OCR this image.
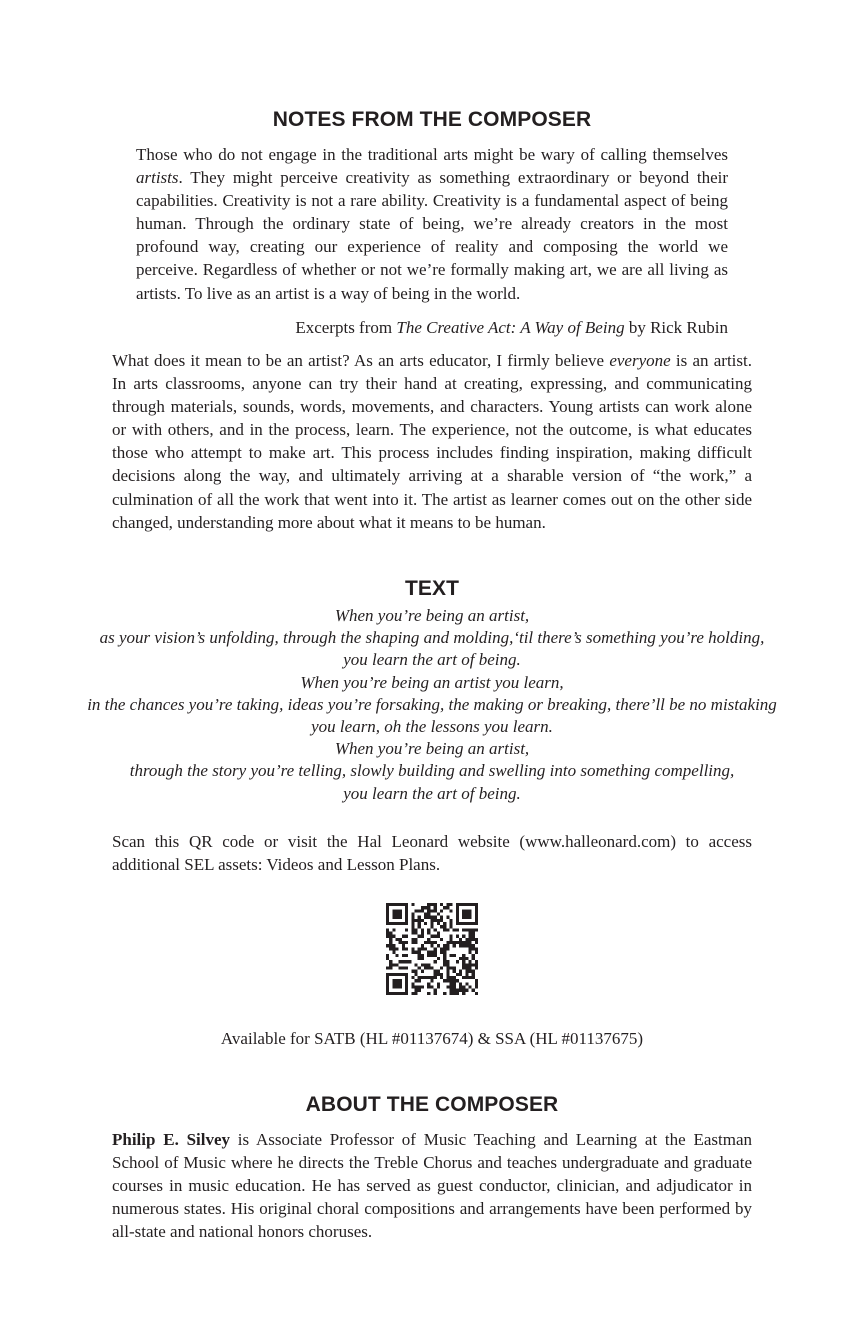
NOTES FROM THE COMPOSER

Those who do not engage in the traditional arts might be wary of calling themselves artists. They might perceive creativity as something extraordinary or beyond their capabilities. Creativity is not a rare ability. Creativity is a fundamental aspect of being human. Through the ordinary state of being, we’re already creators in the most profound way, creating our experience of reality and composing the world we perceive. Regardless of whether or not we’re formally making art, we are all living as artists. To live as an artist is a way of being in the world.

Excerpts from The Creative Act: A Way of Being by Rick Rubin

What does it mean to be an artist? As an arts educator, I firmly believe everyone is an artist. In arts classrooms, anyone can try their hand at creating, expressing, and communicating through materials, sounds, words, movements, and characters. Young artists can work alone or with others, and in the process, learn. The experience, not the outcome, is what educates those who attempt to make art. This process includes finding inspiration, making difficult decisions along the way, and ultimately arriving at a sharable version of “the work,” a culmination of all the work that went into it. The artist as learner comes out on the other side changed, understanding more about what it means to be human.

TEXT

When you’re being an artist,
as your vision’s unfolding, through the shaping and molding,‘til there’s something you’re holding,
you learn the art of being.
When you’re being an artist you learn,
in the chances you’re taking, ideas you’re forsaking, the making or breaking, there’ll be no mistaking
you learn, oh the lessons you learn.
When you’re being an artist,
through the story you’re telling, slowly building and swelling into something compelling,
you learn the art of being.

Scan this QR code or visit the Hal Leonard website (www.halleonard.com) to access additional SEL assets: Videos and Lesson Plans.

Available for SATB (HL #01137674) & SSA (HL #01137675)

ABOUT THE COMPOSER

Philip E. Silvey is Associate Professor of Music Teaching and Learning at the Eastman School of Music where he directs the Treble Chorus and teaches undergraduate and graduate courses in music education. He has served as guest conductor, clinician, and adjudicator in numerous states. His original choral compositions and arrangements have been performed by all-state and national honors choruses.
